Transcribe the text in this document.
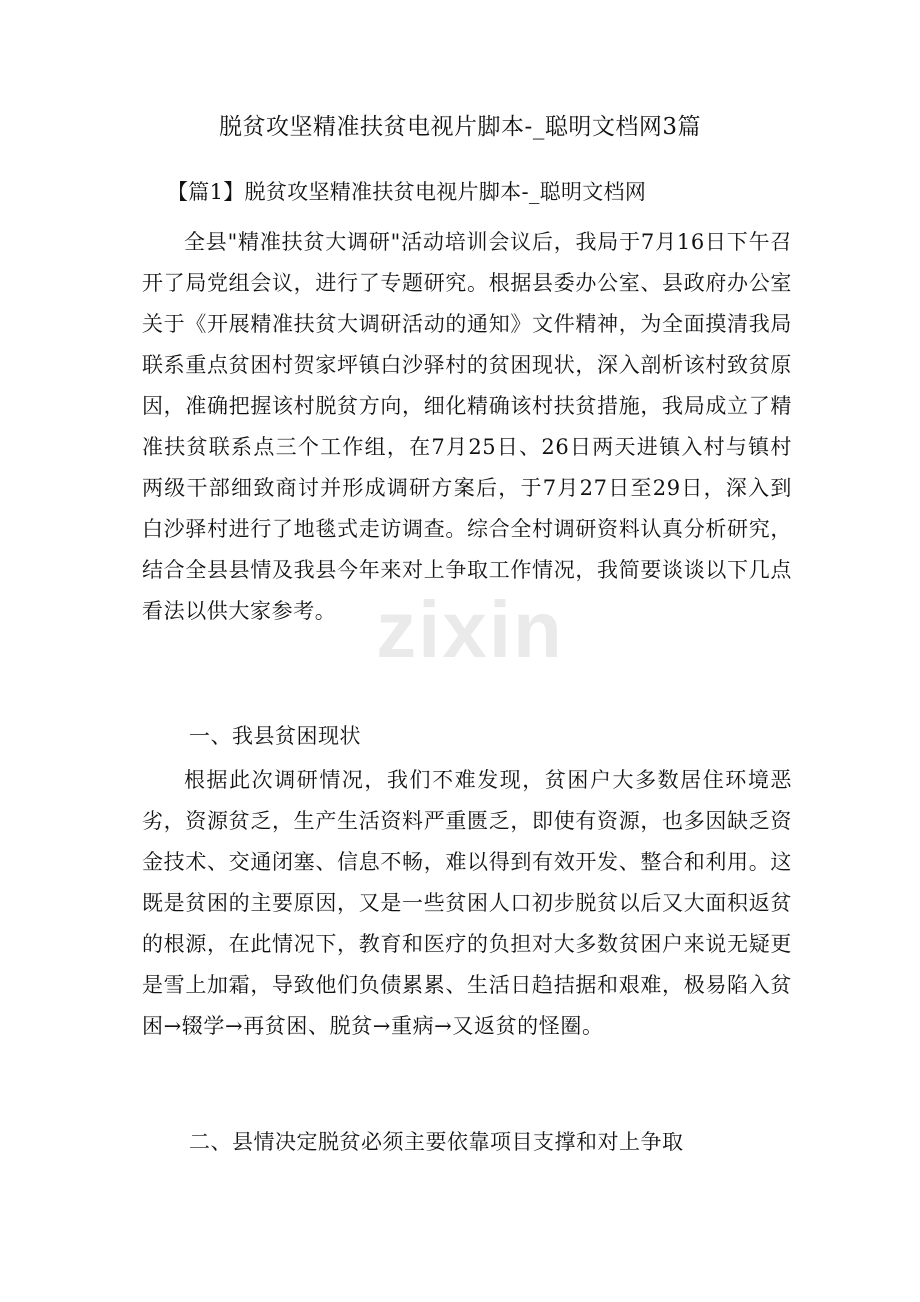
zixin
脱贫攻坚精准扶贫电视片脚本-_聪明文档网3篇
【篇1】脱贫攻坚精准扶贫电视片脚本-_聪明文档网

全县"精准扶贫大调研"活动培训会议后，我局于7月16日下午召开了局党组会议，进行了专题研究。根据县委办公室、县政府办公室关于《开展精准扶贫大调研活动的通知》文件精神，为全面摸清我局联系重点贫困村贺家坪镇白沙驿村的贫困现状，深入剖析该村致贫原因，准确把握该村脱贫方向，细化精确该村扶贫措施，我局成立了精准扶贫联系点三个工作组，在7月25日、26日两天进镇入村与镇村两级干部细致商讨并形成调研方案后，于7月27日至29日，深入到白沙驿村进行了地毯式走访调查。综合全村调研资料认真分析研究，结合全县县情及我县今年来对上争取工作情况，我简要谈谈以下几点看法以供大家参考。

一、我县贫困现状

根据此次调研情况，我们不难发现，贫困户大多数居住环境恶劣，资源贫乏，生产生活资料严重匮乏，即使有资源，也多因缺乏资金技术、交通闭塞、信息不畅，难以得到有效开发、整合和利用。这既是贫困的主要原因，又是一些贫困人口初步脱贫以后又大面积返贫的根源，在此情况下，教育和医疗的负担对大多数贫困户来说无疑更是雪上加霜，导致他们负债累累、生活日趋拮据和艰难，极易陷入贫困→辍学→再贫困、脱贫→重病→又返贫的怪圈。

二、县情决定脱贫必须主要依靠项目支撑和对上争取
